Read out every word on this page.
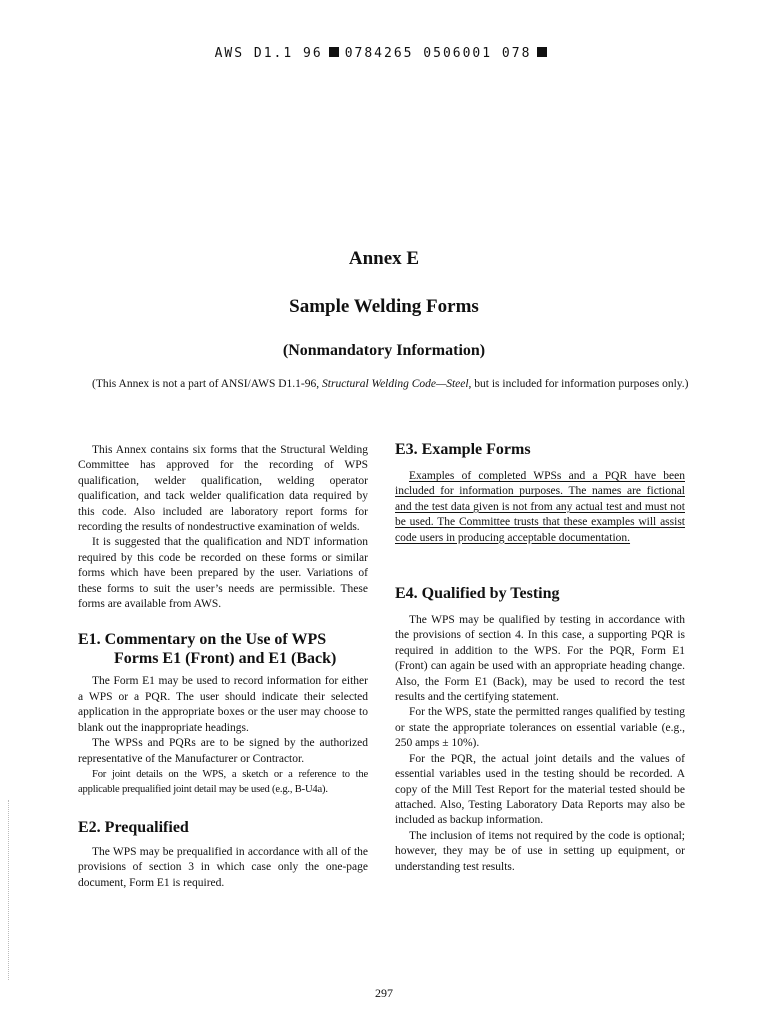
AWS D1.1 96 0784265 0506001 078
Annex E
Sample Welding Forms
(Nonmandatory Information)
(This Annex is not a part of ANSI/AWS D1.1-96, Structural Welding Code—Steel, but is included for information purposes only.)

This Annex contains six forms that the Structural Welding Committee has approved for the recording of WPS qualification, welder qualification, welding operator qualification, and tack welder qualification data required by this code. Also included are laboratory report forms for recording the results of nondestructive examination of welds.

It is suggested that the qualification and NDT information required by this code be recorded on these forms or similar forms which have been prepared by the user. Variations of these forms to suit the user’s needs are permissible. These forms are available from AWS.

E1. Commentary on the Use of WPS
Forms E1 (Front) and E1 (Back)

The Form E1 may be used to record information for either a WPS or a PQR. The user should indicate their selected application in the appropriate boxes or the user may choose to blank out the inappropriate headings.

The WPSs and PQRs are to be signed by the authorized representative of the Manufacturer or Contractor.

For joint details on the WPS, a sketch or a reference to the applicable prequalified joint detail may be used (e.g., B-U4a).

E2. Prequalified

The WPS may be prequalified in accordance with all of the provisions of section 3 in which case only the one-page document, Form E1 is required.

E3. Example Forms

Examples of completed WPSs and a PQR have been included for information purposes. The names are fictional and the test data given is not from any actual test and must not be used. The Committee trusts that these examples will assist code users in producing acceptable documentation.

E4. Qualified by Testing

The WPS may be qualified by testing in accordance with the provisions of section 4. In this case, a supporting PQR is required in addition to the WPS. For the PQR, Form E1 (Front) can again be used with an appropriate heading change. Also, the Form E1 (Back), may be used to record the test results and the certifying statement.

For the WPS, state the permitted ranges qualified by testing or state the appropriate tolerances on essential variable (e.g., 250 amps ± 10%).

For the PQR, the actual joint details and the values of essential variables used in the testing should be recorded. A copy of the Mill Test Report for the material tested should be attached. Also, Testing Laboratory Data Reports may also be included as backup information.

The inclusion of items not required by the code is optional; however, they may be of use in setting up equipment, or understanding test results.

297
